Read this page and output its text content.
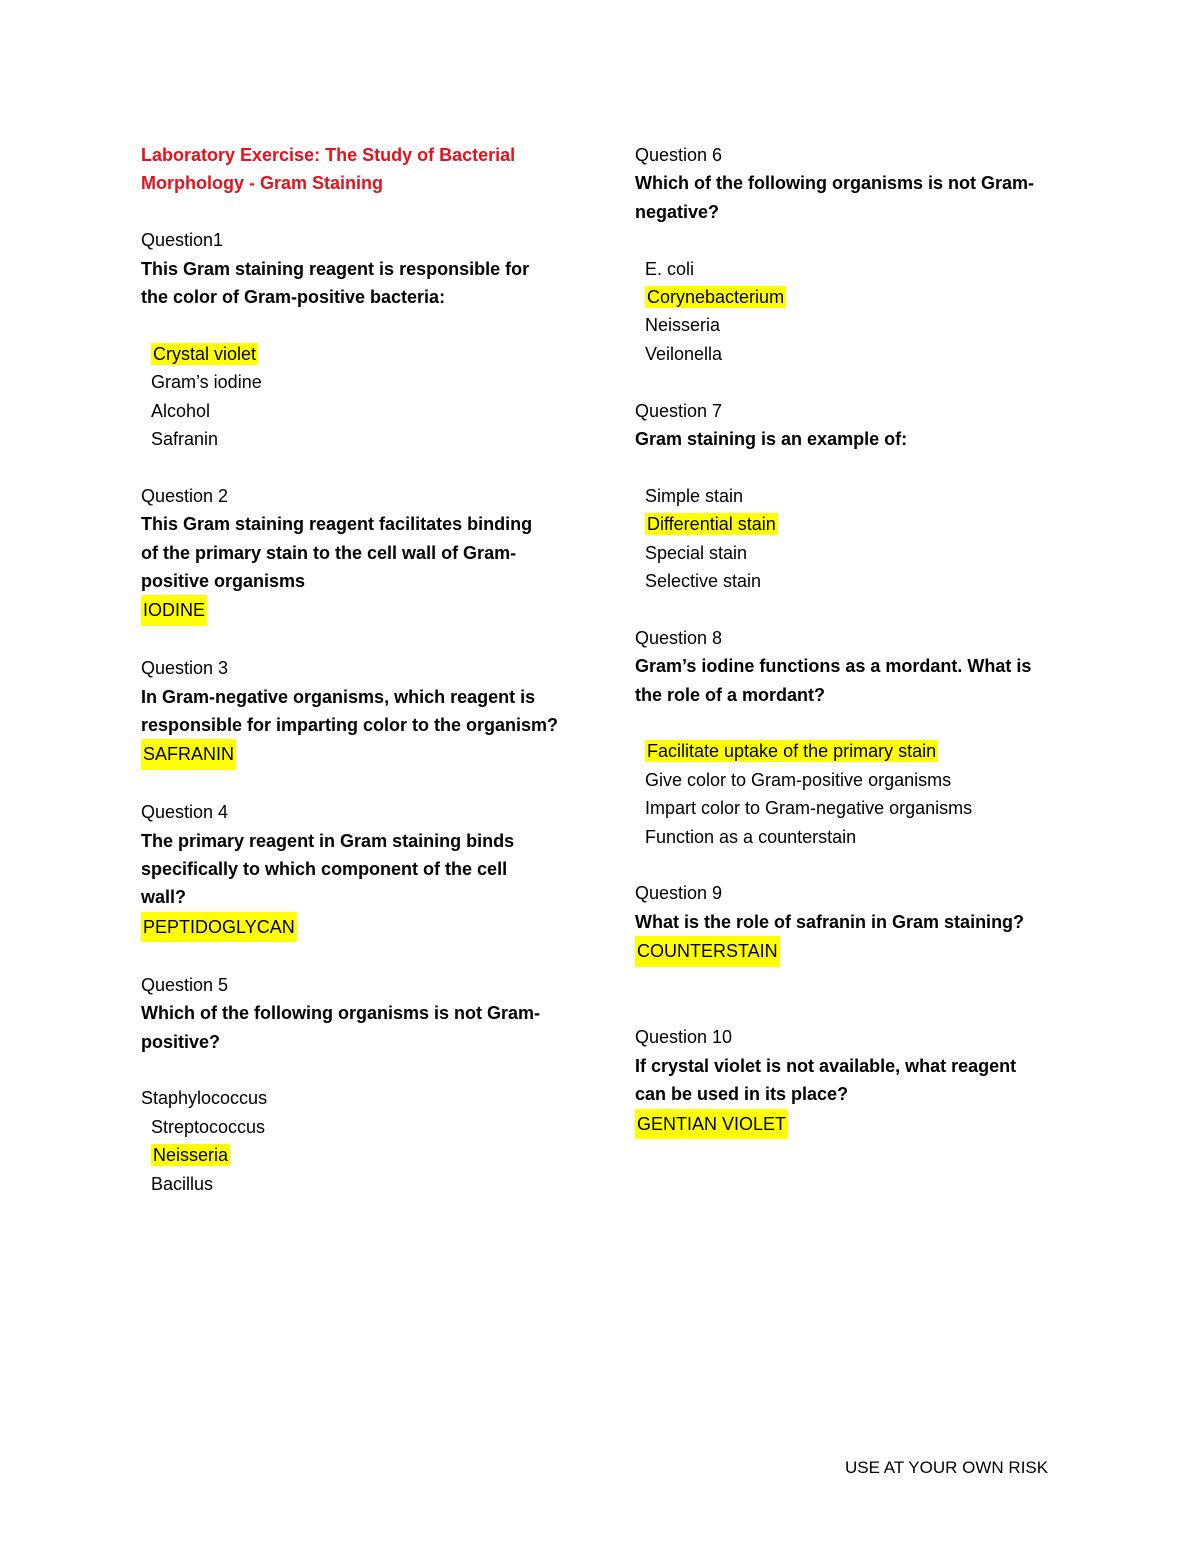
Laboratory Exercise: The Study of Bacterial
Morphology - Gram Staining
Question1
This Gram staining reagent is responsible for the color of Gram-positive bacteria:
Crystal violet
Gram’s iodine
Alcohol
Safranin
Question 2
This Gram staining reagent facilitates binding of the primary stain to the cell wall of Gram-positive organisms
IODINE
Question 3
In Gram-negative organisms, which reagent is responsible for imparting color to the organism?
SAFRANIN
Question 4
The primary reagent in Gram staining binds specifically to which component of the cell wall?
PEPTIDOGLYCAN
Question 5
Which of the following organisms is not Gram-positive?
Staphylococcus
Streptococcus
Neisseria
Bacillus
Question 6
Which of the following organisms is not Gram-negative?
E. coli
Corynebacterium
Neisseria
Veilonella
Question 7
Gram staining is an example of:
Simple stain
Differential stain
Special stain
Selective stain
Question 8
Gram’s iodine functions as a mordant. What is the role of a mordant?
Facilitate uptake of the primary stain
Give color to Gram-positive organisms
Impart color to Gram-negative organisms
Function as a counterstain
Question 9
What is the role of safranin in Gram staining?
COUNTERSTAIN
Question 10
If crystal violet is not available, what reagent can be used in its place?
GENTIAN VIOLET
USE AT YOUR OWN RISK
